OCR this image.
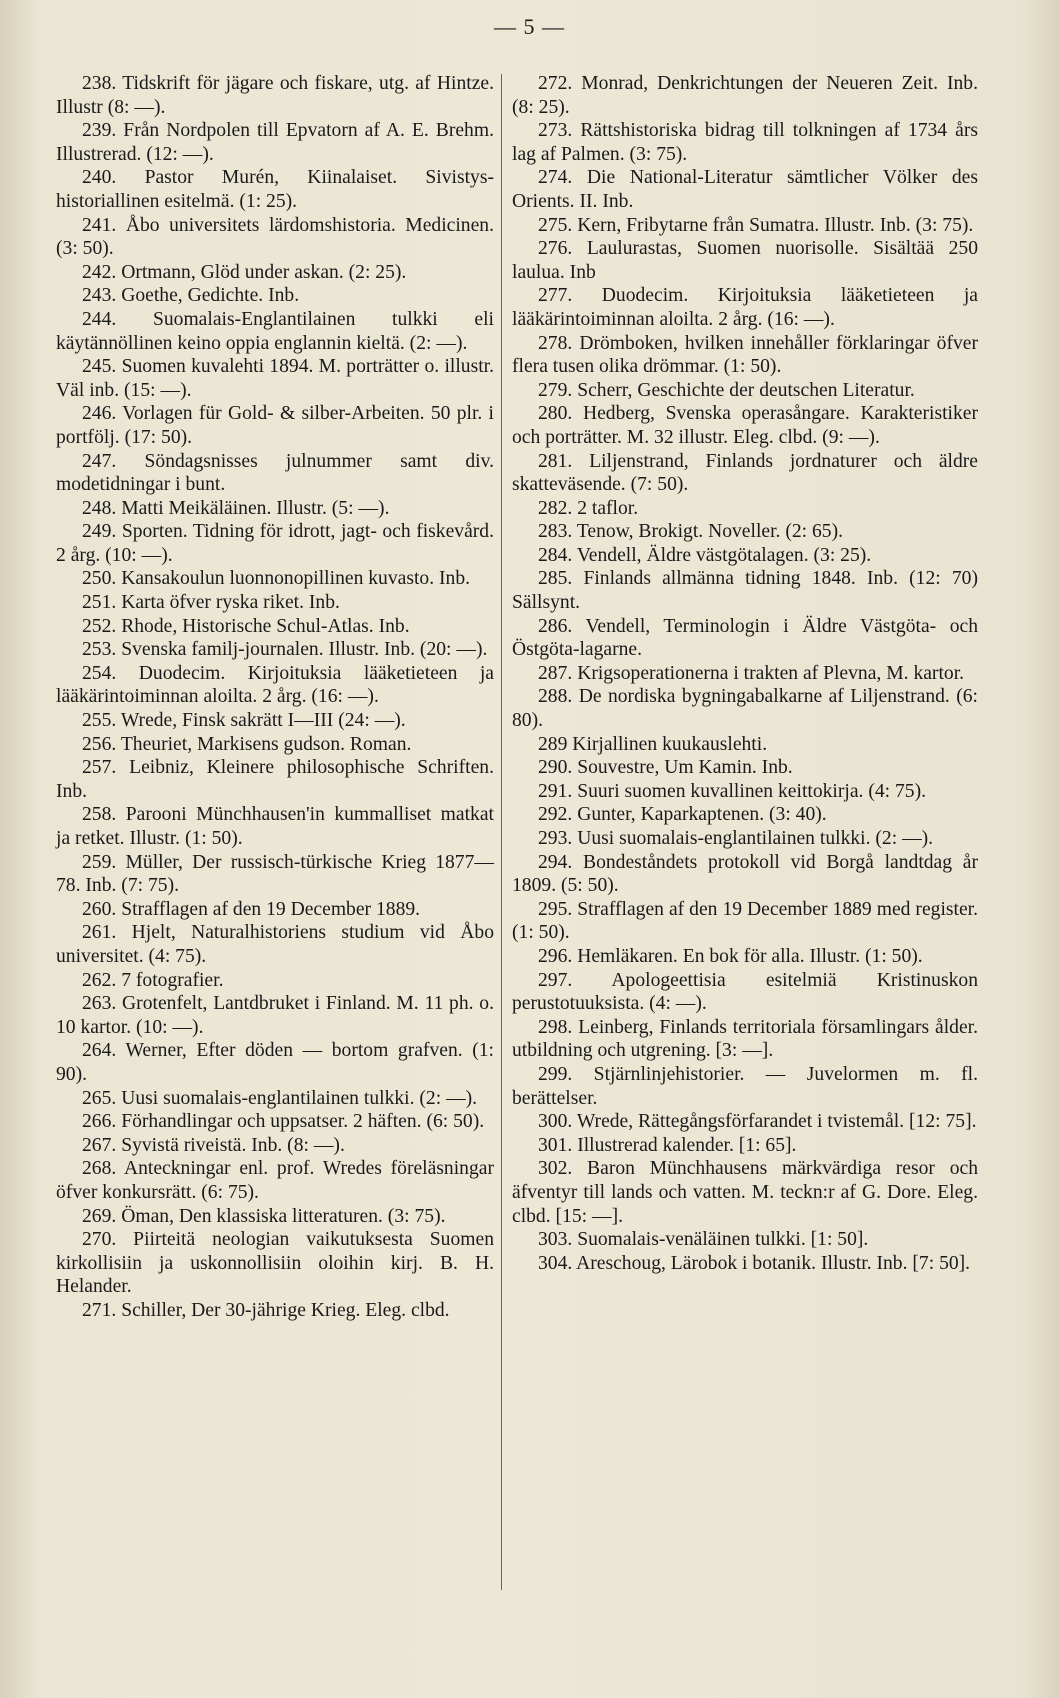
— 5 —

238. Tidskrift för jägare och fiskare, utg. af Hintze. Illustr (8: —).

239. Från Nordpolen till Epvatorn af A. E. Brehm. Illustrerad. (12: —).

240. Pastor Murén, Kiinalaiset. Sivistys-historiallinen esitelmä. (1: 25).

241. Åbo universitets lärdomshistoria. Medicinen. (3: 50).

242. Ortmann, Glöd under askan. (2: 25).

243. Goethe, Gedichte. Inb.

244. Suomalais-Englantilainen tulkki eli käytännöllinen keino oppia englannin kieltä. (2: —).

245. Suomen kuvalehti 1894. M. porträtter o. illustr. Väl inb. (15: —).

246. Vorlagen für Gold- & silber-Arbeiten. 50 plr. i portfölj. (17: 50).

247. Söndagsnisses julnummer samt div. modetidningar i bunt.

248. Matti Meikäläinen. Illustr. (5: —).

249. Sporten. Tidning för idrott, jagt- och fiskevård. 2 årg. (10: —).

250. Kansakoulun luonnonopillinen kuvasto. Inb.

251. Karta öfver ryska riket. Inb.

252. Rhode, Historische Schul-Atlas. Inb.

253. Svenska familj-journalen. Illustr. Inb. (20: —).

254. Duodecim. Kirjoituksia lääketieteen ja lääkärintoiminnan aloilta. 2 årg. (16: —).

255. Wrede, Finsk sakrätt I—III (24: —).

256. Theuriet, Markisens gudson. Roman.

257. Leibniz, Kleinere philosophische Schriften. Inb.

258. Parooni Münchhausen'in kummalliset matkat ja retket. Illustr. (1: 50).

259. Müller, Der russisch-türkische Krieg 1877—78. Inb. (7: 75).

260. Strafflagen af den 19 December 1889.

261. Hjelt, Naturalhistoriens studium vid Åbo universitet. (4: 75).

262. 7 fotografier.

263. Grotenfelt, Lantdbruket i Finland. M. 11 ph. o. 10 kartor. (10: —).

264. Werner, Efter döden — bortom grafven. (1: 90).

265. Uusi suomalais-englantilainen tulkki. (2: —).

266. Förhandlingar och uppsatser. 2 häften. (6: 50).

267. Syvistä riveistä. Inb. (8: —).

268. Anteckningar enl. prof. Wredes föreläsningar öfver konkursrätt. (6: 75).

269. Öman, Den klassiska litteraturen. (3: 75).

270. Piirteitä neologian vaikutuksesta Suomen kirkollisiin ja uskonnollisiin oloihin kirj. B. H. Helander.

271. Schiller, Der 30-jährige Krieg. Eleg. clbd.

272. Monrad, Denkrichtungen der Neueren Zeit. Inb. (8: 25).

273. Rättshistoriska bidrag till tolkningen af 1734 års lag af Palmen. (3: 75).

274. Die National-Literatur sämtlicher Völker des Orients. II. Inb.

275. Kern, Fribytarne från Sumatra. Illustr. Inb. (3: 75).

276. Laulurastas, Suomen nuorisolle. Sisältää 250 laulua. Inb

277. Duodecim. Kirjoituksia lääketieteen ja lääkärintoiminnan aloilta. 2 årg. (16: —).

278. Drömboken, hvilken innehåller förklaringar öfver flera tusen olika drömmar. (1: 50).

279. Scherr, Geschichte der deutschen Literatur.

280. Hedberg, Svenska operasångare. Karakteristiker och porträtter. M. 32 illustr. Eleg. clbd. (9: —).

281. Liljenstrand, Finlands jordnaturer och äldre skatteväsende. (7: 50).

282. 2 taflor.

283. Tenow, Brokigt. Noveller. (2: 65).

284. Vendell, Äldre västgötalagen. (3: 25).

285. Finlands allmänna tidning 1848. Inb. (12: 70) Sällsynt.

286. Vendell, Terminologin i Äldre Västgöta- och Östgöta-lagarne.

287. Krigsoperationerna i trakten af Plevna, M. kartor.

288. De nordiska bygningabalkarne af Liljenstrand. (6: 80).

289 Kirjallinen kuukauslehti.

290. Souvestre, Um Kamin. Inb.

291. Suuri suomen kuvallinen keittokirja. (4: 75).

292. Gunter, Kaparkaptenen. (3: 40).

293. Uusi suomalais-englantilainen tulkki. (2: —).

294. Bondeståndets protokoll vid Borgå landtdag år 1809. (5: 50).

295. Strafflagen af den 19 December 1889 med register. (1: 50).

296. Hemläkaren. En bok för alla. Illustr. (1: 50).

297. Apologeettisia esitelmiä Kristinuskon perustotuuksista. (4: —).

298. Leinberg, Finlands territoriala församlingars ålder. utbildning och utgrening. [3: —].

299. Stjärnlinjehistorier. — Juvelormen m. fl. berättelser.

300. Wrede, Rättegångsförfarandet i tvistemål. [12: 75].

301. Illustrerad kalender. [1: 65].

302. Baron Münchhausens märkvärdiga resor och äfventyr till lands och vatten. M. teckn:r af G. Dore. Eleg. clbd. [15: —].

303. Suomalais-venäläinen tulkki. [1: 50].

304. Areschoug, Lärobok i botanik. Illustr. Inb. [7: 50].
